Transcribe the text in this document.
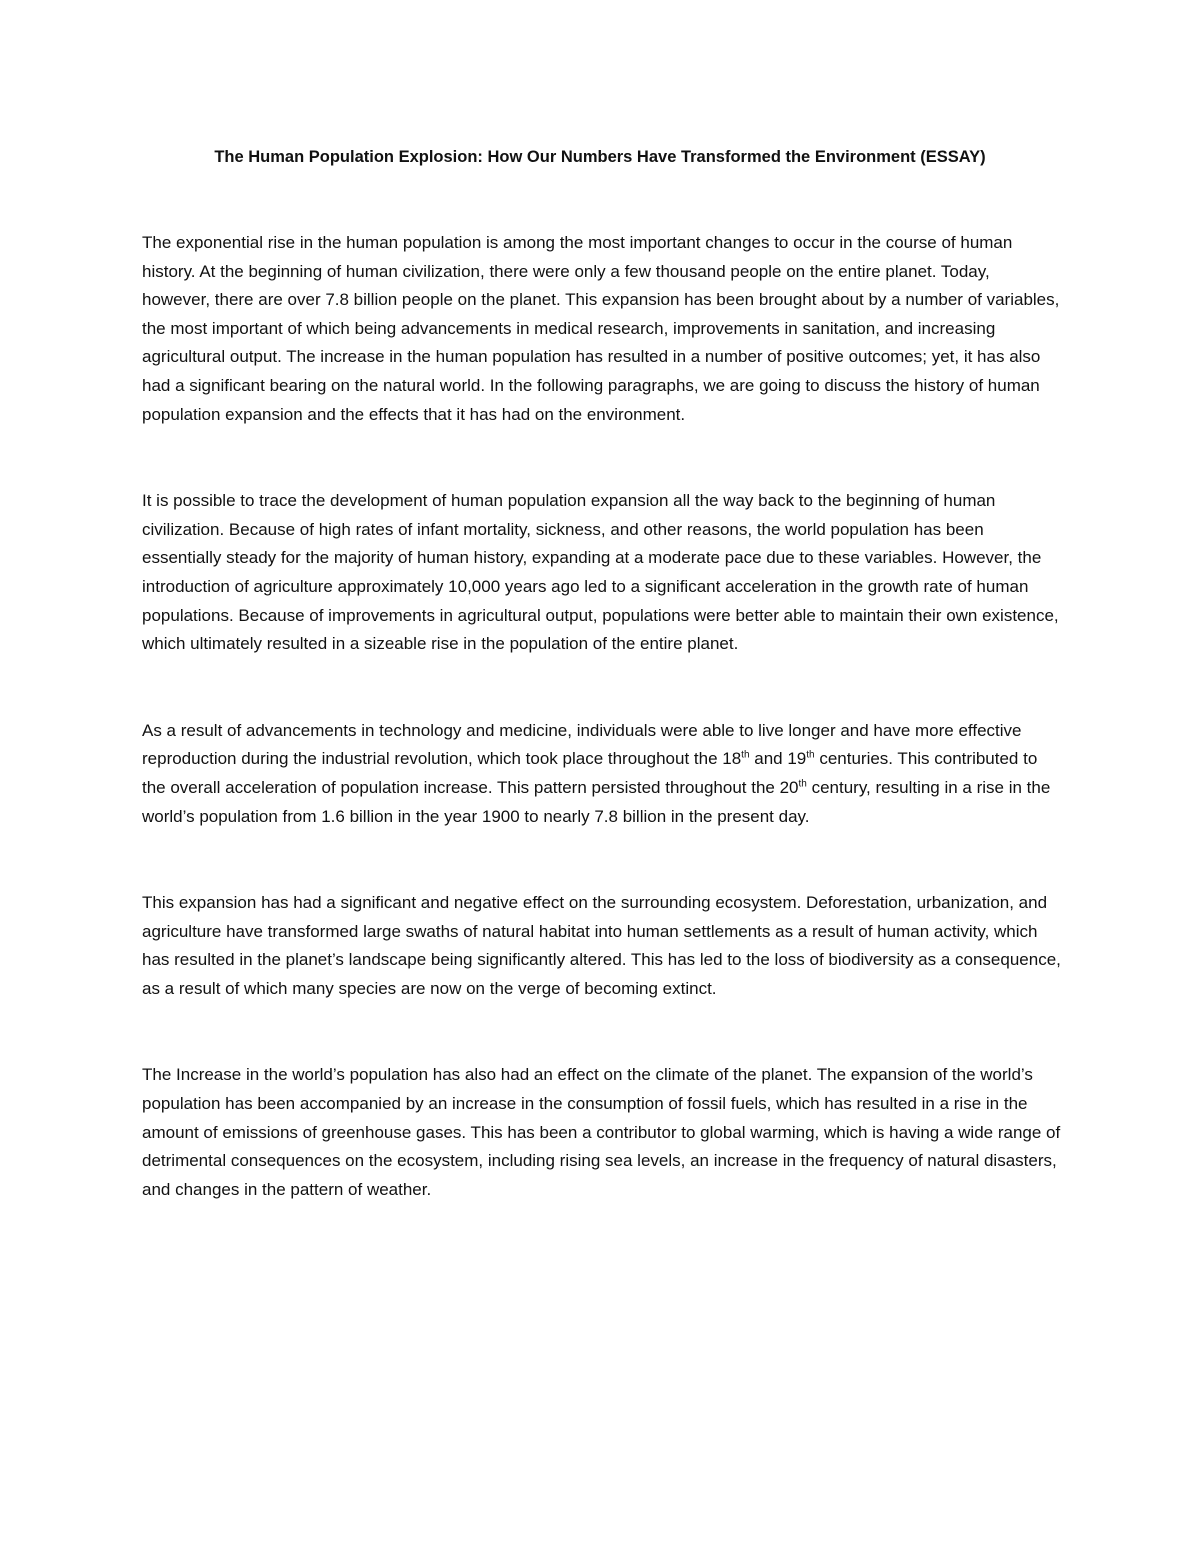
The Human Population Explosion: How Our Numbers Have Transformed the Environment (ESSAY)

The exponential rise in the human population is among the most important changes to occur in the course of human history. At the beginning of human civilization, there were only a few thousand people on the entire planet. Today, however, there are over 7.8 billion people on the planet. This expansion has been brought about by a number of variables, the most important of which being advancements in medical research, improvements in sanitation, and increasing agricultural output. The increase in the human population has resulted in a number of positive outcomes; yet, it has also had a significant bearing on the natural world. In the following paragraphs, we are going to discuss the history of human population expansion and the effects that it has had on the environment.

It is possible to trace the development of human population expansion all the way back to the beginning of human civilization. Because of high rates of infant mortality, sickness, and other reasons, the world population has been essentially steady for the majority of human history, expanding at a moderate pace due to these variables. However, the introduction of agriculture approximately 10,000 years ago led to a significant acceleration in the growth rate of human populations. Because of improvements in agricultural output, populations were better able to maintain their own existence, which ultimately resulted in a sizeable rise in the population of the entire planet.

As a result of advancements in technology and medicine, individuals were able to live longer and have more effective reproduction during the industrial revolution, which took place throughout the 18th and 19th centuries. This contributed to the overall acceleration of population increase. This pattern persisted throughout the 20th century, resulting in a rise in the world’s population from 1.6 billion in the year 1900 to nearly 7.8 billion in the present day.

This expansion has had a significant and negative effect on the surrounding ecosystem. Deforestation, urbanization, and agriculture have transformed large swaths of natural habitat into human settlements as a result of human activity, which has resulted in the planet’s landscape being significantly altered. This has led to the loss of biodiversity as a consequence, as a result of which many species are now on the verge of becoming extinct.

The Increase in the world’s population has also had an effect on the climate of the planet. The expansion of the world’s population has been accompanied by an increase in the consumption of fossil fuels, which has resulted in a rise in the amount of emissions of greenhouse gases. This has been a contributor to global warming, which is having a wide range of detrimental consequences on the ecosystem, including rising sea levels, an increase in the frequency of natural disasters, and changes in the pattern of weather.
